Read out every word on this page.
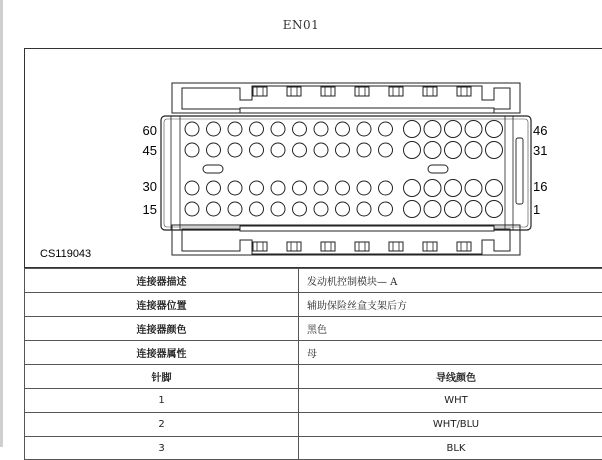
EN01
60
45
30
15
46
31
16
1
CS119043
连接器描述	发动机控制模块— A
连接器位置	辅助保险丝盒支架后方
连接器颜色	黑色
连接器属性	母
针脚	导线颜色
1	WHT
2	WHT/BLU
3	BLK
